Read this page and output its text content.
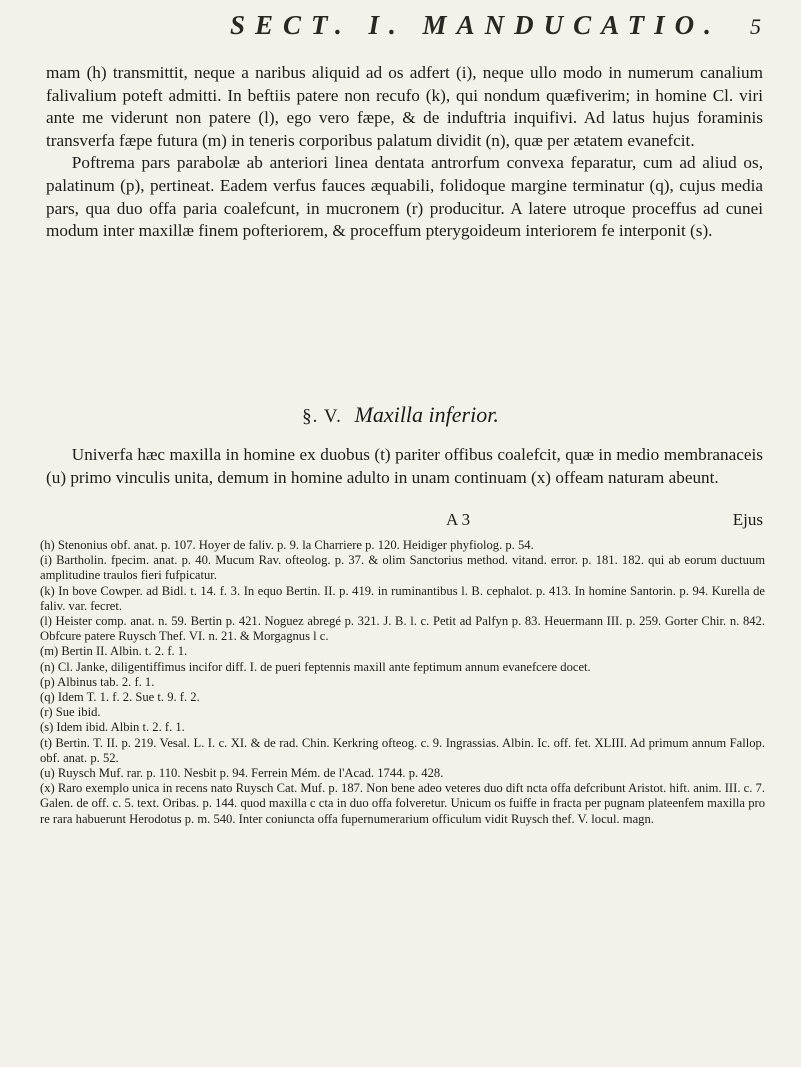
SECT. I. MANDUCATIO. 5

mam (h) transmittit, neque a naribus aliquid ad os adfert (i), neque ullo modo in numerum canalium falivalium poteft admitti. In beftiis patere non recufo (k), qui nondum quæfiverim; in homine Cl. viri ante me viderunt non patere (l), ego vero fæpe, & de induftria inquifivi. Ad latus hujus foraminis transverfa fæpe futura (m) in teneris corporibus palatum dividit (n), quæ per ætatem evanefcit.

Poftrema pars parabolæ ab anteriori linea dentata antrorfum convexa feparatur, cum ad aliud os, palatinum (p), pertineat. Eadem verfus fauces æquabili, folidoque margine terminatur (q), cujus media pars, qua duo offa paria coalefcunt, in mucronem (r) producitur. A latere utroque proceffus ad cunei modum inter maxillæ finem pofteriorem, & proceffum pterygoideum interiorem fe interponit (s).

§. V. Maxilla inferior.

Univerfa hæc maxilla in homine ex duobus (t) pariter offibus coalefcit, quæ in medio membranaceis (u) primo vinculis unita, demum in homine adulto in unam continuam (x) offeam naturam abeunt.

A 3	Ejus

(h) Stenonius obf. anat. p. 107. Hoyer de faliv. p. 9. la Charriere p. 120. Heidiger phyfiolog. p. 54.

(i) Bartholin. fpecim. anat. p. 40. Mucum Rav. ofteolog. p. 37. & olim Sanctorius method. vitand. error. p. 181. 182. qui ab eorum ductuum amplitudine traulos fieri fufpicatur.

(k) In bove Cowper. ad Bidl. t. 14. f. 3. In equo Bertin. II. p. 419. in ruminantibus l. B. cephalot. p. 413. In homine Santorin. p. 94. Kurella de faliv. var. fecret.

(l) Heister comp. anat. n. 59. Bertin p. 421. Noguez abregé p. 321. J. B. l. c. Petit ad Palfyn p. 83. Heuermann III. p. 259. Gorter Chir. n. 842. Obfcure patere Ruysch Thef. VI. n. 21. & Morgagnus l c.

(m) Bertin II. Albin. t. 2. f. 1.

(n) Cl. Janke, diligentiffimus incifor diff. I. de pueri feptennis maxill ante feptimum annum evanefcere docet.

(p) Albinus tab. 2. f. 1.

(q) Idem T. 1. f. 2. Sue t. 9. f. 2.

(r) Sue ibid.

(s) Idem ibid. Albin t. 2. f. 1.

(t) Bertin. T. II. p. 219. Vesal. L. I. c. XI. & de rad. Chin. Kerkring ofteog. c. 9. Ingrassias. Albin. Ic. off. fet. XLIII. Ad primum annum Fallop. obf. anat. p. 52.

(u) Ruysch Muf. rar. p. 110. Nesbit p. 94. Ferrein Mém. de l'Acad. 1744. p. 428.

(x) Raro exemplo unica in recens nato Ruysch Cat. Muf. p. 187. Non bene adeo veteres duo dift ncta offa defcribunt Aristot. hift. anim. III. c. 7. Galen. de off. c. 5. text. Oribas. p. 144. quod maxilla c cta in duo offa folveretur. Unicum os fuiffe in fracta per pugnam plateenfem maxilla pro re rara habuerunt Herodotus p. m. 540. Inter coniuncta offa fupernumerarium officulum vidit Ruysch thef. V. locul. magn.
